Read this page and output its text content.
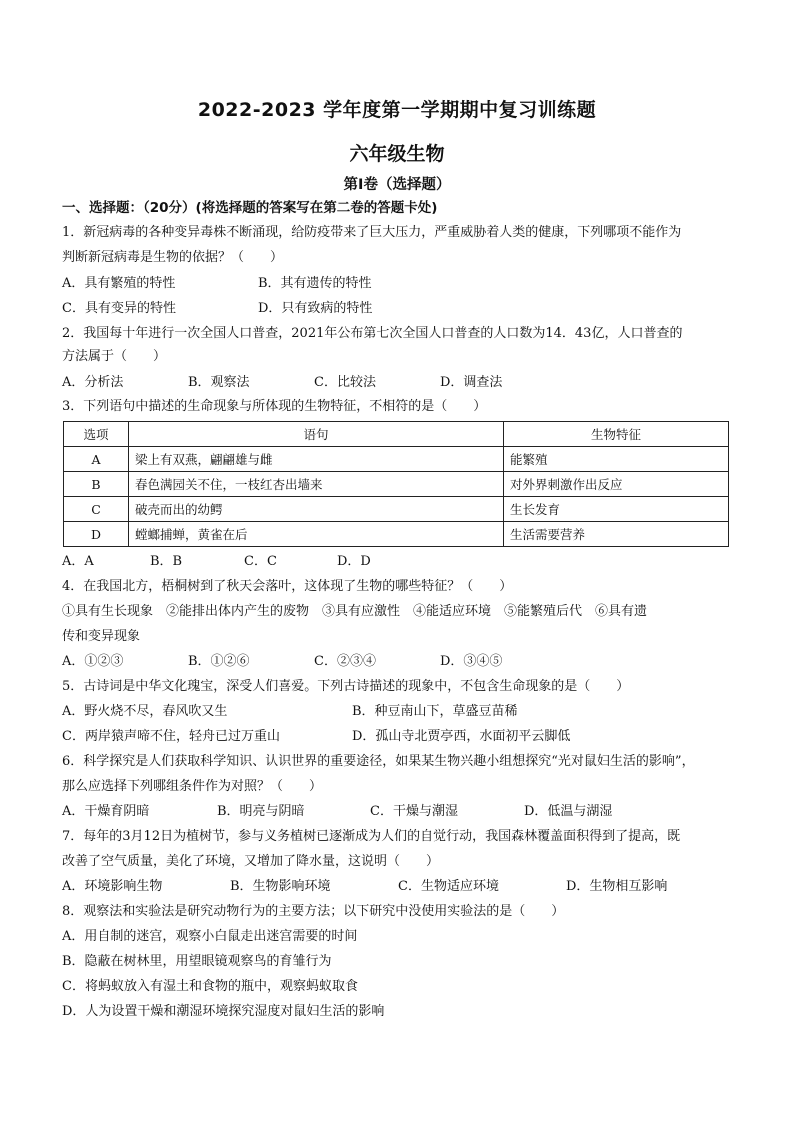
2022-2023 学年度第一学期期中复习训练题
六年级生物
第Ⅰ卷（选择题）
一、选择题：（20分）(将选择题的答案写在第二卷的答题卡处)
1．新冠病毒的各种变异毒株不断涌现，给防疫带来了巨大压力，严重威胁着人类的健康，下列哪项不能作为
判断新冠病毒是生物的依据？（　　）
A．具有繁殖的特性	B．其有遗传的特性
C．具有变异的特性	D．只有致病的特性
2．我国每十年进行一次全国人口普查，2021年公布第七次全国人口普查的人口数为14．43亿，人口普查的
方法属于（　　）
A．分析法	B．观察法	C．比较法	D．调查法
3．下列语句中描述的生命现象与所体现的生物特征，不相符的是（　　）
选项	语句	生物特征
A	梁上有双燕，翩翩雄与雌	能繁殖
B	春色满园关不住，一枝红杏出墙来	对外界刺激作出反应
C	破壳而出的幼鳄	生长发育
D	螳螂捕蝉，黄雀在后	生活需要营养
A．A	B．B	C．C	D．D
4．在我国北方，梧桐树到了秋天会落叶，这体现了生物的哪些特征？（　　）
①具有生长现象　②能排出体内产生的废物　③具有应激性　④能适应环境　⑤能繁殖后代　⑥具有遗
传和变异现象
A．①②③	B．①②⑥	C．②③④	D．③④⑤
5．古诗词是中华文化瑰宝，深受人们喜爱。下列古诗描述的现象中，不包含生命现象的是（　　）
A．野火烧不尽，春风吹又生	B．种豆南山下，草盛豆苗稀
C．两岸猿声啼不住，轻舟已过万重山	D．孤山寺北贾亭西，水面初平云脚低
6．科学探究是人们获取科学知识、认识世界的重要途径，如果某生物兴趣小组想探究“光对鼠妇生活的影响”，
那么应选择下列哪组条件作为对照？（　　）
A．干燥育阴暗	B．明亮与阴暗	C．干燥与潮湿	D．低温与湖湿
7．每年的3月12日为植树节，参与义务植树已逐渐成为人们的自觉行动，我国森林覆盖面积得到了提高，既
改善了空气质量，美化了环境，又增加了降水量，这说明（　　）
A．环境影响生物	B．生物影响环境	C．生物适应环境	D．生物相互影响
8．观察法和实验法是研究动物行为的主要方法；以下研究中没使用实验法的是（　　）
A．用自制的迷宫，观察小白鼠走出迷宫需要的时间
B．隐蔽在树林里，用望眼镜观察鸟的育雏行为
C．将蚂蚁放入有湿土和食物的瓶中，观察蚂蚁取食
D．人为设置干燥和潮湿环境探究湿度对鼠妇生活的影响
